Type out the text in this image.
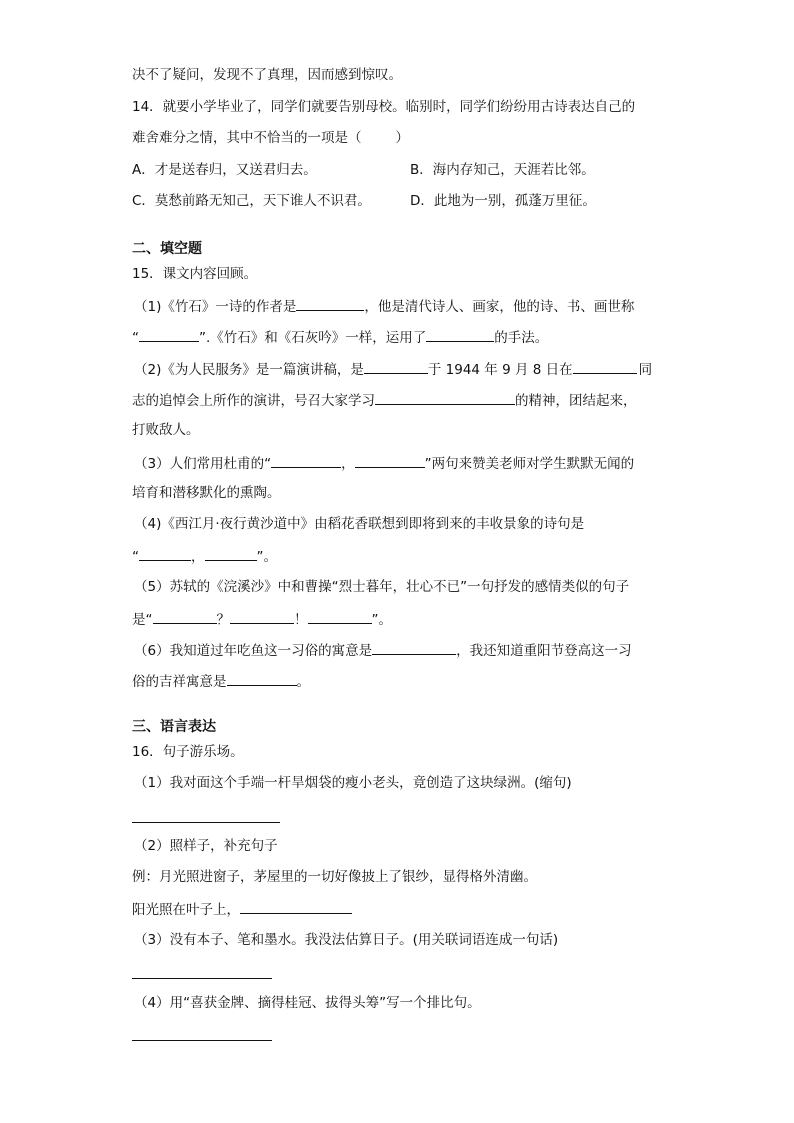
决不了疑问，发现不了真理，因而感到惊叹。
14．就要小学毕业了，同学们就要告别母校。临别时，同学们纷纷用古诗表达自己的
难舍难分之情，其中不恰当的一项是（	）
A．才是送春归，又送君归去。	B．海内存知己，天涯若比邻。
C．莫愁前路无知己，天下谁人不识君。	D．此地为一别，孤蓬万里征。
二、填空题
15．课文内容回顾。
（1)《竹石》一诗的作者是	，他是清代诗人、画家，他的诗、书、画世称
“	”.《竹石》和《石灰吟》一样，运用了	的手法。
（2)《为人民服务》是一篇演讲稿，是	于 1944 年 9 月 8 日在	同
志的追悼会上所作的演讲，号召大家学习	的精神，团结起来，
打败敌人。
（3）人们常用杜甫的“	，	”两句来赞美老师对学生默默无闻的
培育和潜移默化的熏陶。
（4)《西江月·夜行黄沙道中》由稻花香联想到即将到来的丰收景象的诗句是
“	，	”。
（5）苏轼的《浣溪沙》中和曹操“烈士暮年，壮心不已”一句抒发的感情类似的句子
是“	？	！	”。
（6）我知道过年吃鱼这一习俗的寓意是	，我还知道重阳节登高这一习
俗的吉祥寓意是	。
三、语言表达
16．句子游乐场。
（1）我对面这个手端一杆旱烟袋的瘦小老头，竟创造了这块绿洲。(缩句)
（2）照样子，补充句子
例：月光照进窗子，茅屋里的一切好像披上了银纱，显得格外清幽。
阳光照在叶子上，
（3）没有本子、笔和墨水。我没法估算日子。(用关联词语连成一句话)
（4）用“喜获金牌、摘得桂冠、拔得头筹”写一个排比句。
